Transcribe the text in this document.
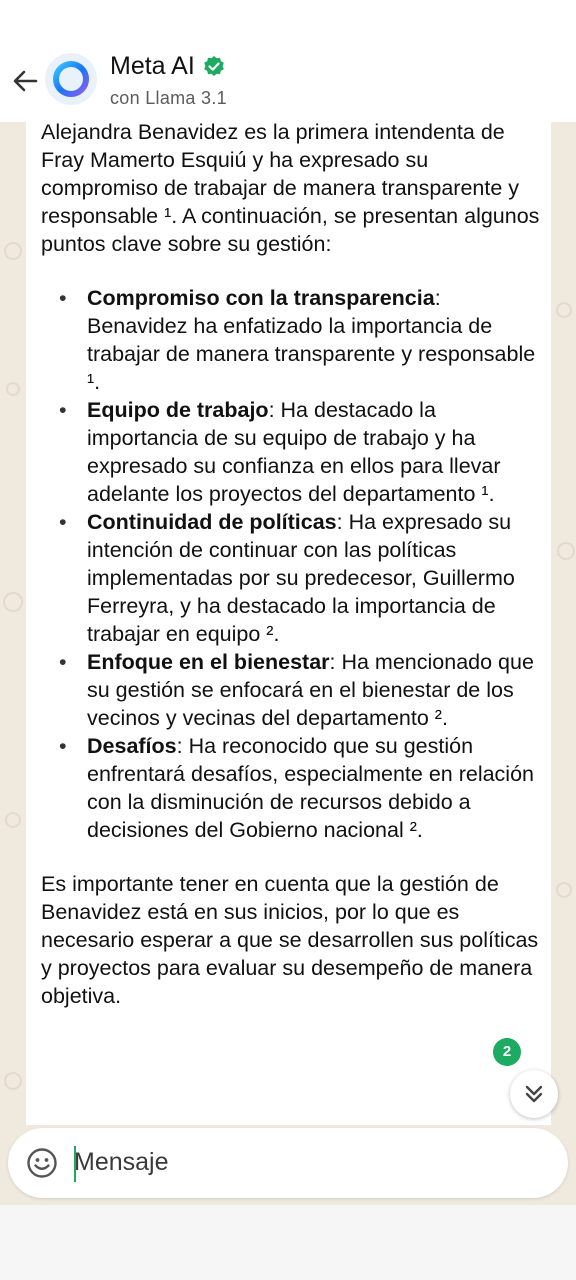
Meta AI
con Llama 3.1

Alejandra Benavidez es la primera intendenta de Fray Mamerto Esquiú y ha expresado su compromiso de trabajar de manera transparente y responsable ¹. A continuación, se presentan algunos puntos clave sobre su gestión:

• Compromiso con la transparencia: Benavidez ha enfatizado la importancia de trabajar de manera transparente y responsable ¹.
• Equipo de trabajo: Ha destacado la importancia de su equipo de trabajo y ha expresado su confianza en ellos para llevar adelante los proyectos del departamento ¹.
• Continuidad de políticas: Ha expresado su intención de continuar con las políticas implementadas por su predecesor, Guillermo Ferreyra, y ha destacado la importancia de trabajar en equipo ².
• Enfoque en el bienestar: Ha mencionado que su gestión se enfocará en el bienestar de los vecinos y vecinas del departamento ².
• Desafíos: Ha reconocido que su gestión enfrentará desafíos, especialmente en relación con la disminución de recursos debido a decisiones del Gobierno nacional ².

Es importante tener en cuenta que la gestión de Benavidez está en sus inicios, por lo que es necesario esperar a que se desarrollen sus políticas y proyectos para evaluar su desempeño de manera objetiva.

2
Mensaje
